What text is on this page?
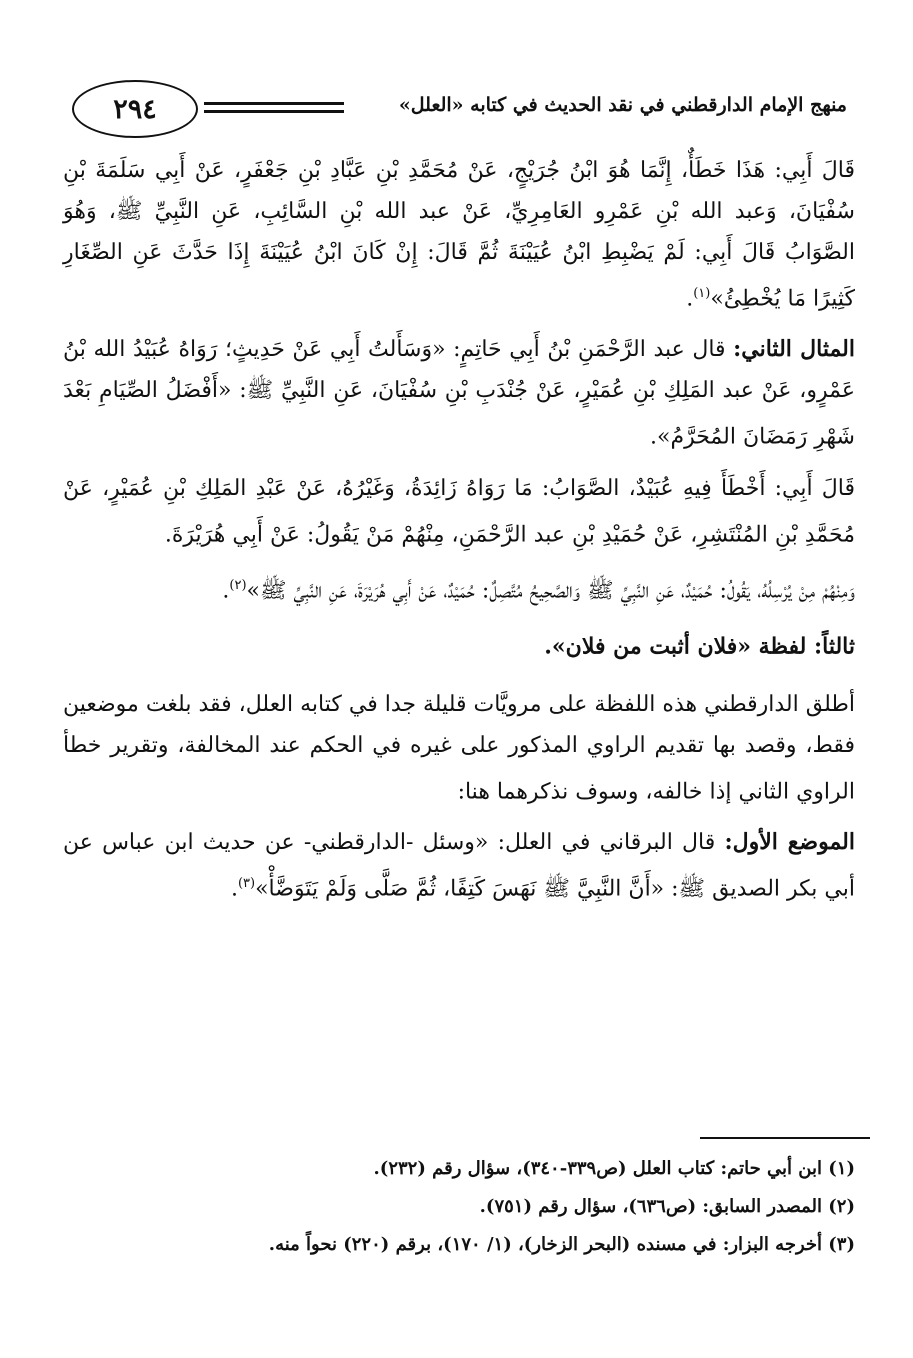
٢٩٤	منهج الإمام الدارقطني في نقد الحديث في كتابه «العلل»

قَالَ أَبِي: هَذَا خَطَأٌ، إِنَّمَا هُوَ ابْنُ جُرَيْجٍ، عَنْ مُحَمَّدِ بْنِ عَبَّادِ بْنِ جَعْفَرٍ، عَنْ أَبِي سَلَمَةَ بْنِ سُفْيَانَ، وَعبد الله بْنِ عَمْرِو العَامِرِيِّ، عَنْ عبد الله بْنِ السَّائِبِ، عَنِ النَّبِيِّ ﷺ، وَهُوَ الصَّوَابُ قَالَ أَبِي: لَمْ يَضْبِطِ ابْنُ عُيَيْنَةَ ثُمَّ قَالَ: إِنْ كَانَ ابْنُ عُيَيْنَةَ إِذَا حَدَّثَ عَنِ الصِّغَارِ كَثِيرًا مَا يُخْطِئُ»$^{(١)}$.

المثال الثاني: قال عبد الرَّحْمَنِ بْنُ أَبِي حَاتِمٍ: «وَسَأَلتُ أَبِي عَنْ حَدِيثٍ؛ رَوَاهُ عُبَيْدُ الله بْنُ عَمْرٍو، عَنْ عبد المَلِكِ بْنِ عُمَيْرٍ، عَنْ جُنْدَبِ بْنِ سُفْيَانَ، عَنِ النَّبِيِّ ﷺ: «أَفْضَلُ الصِّيَامِ بَعْدَ شَهْرِ رَمَضَانَ المُحَرَّمُ».

قَالَ أَبِي: أَخْطَأَ فِيهِ عُبَيْدٌ، الصَّوَابُ: مَا رَوَاهُ زَائِدَةُ، وَغَيْرُهُ، عَنْ عَبْدِ المَلِكِ بْنِ عُمَيْرٍ، عَنْ مُحَمَّدِ بْنِ المُنْتَشِرِ، عَنْ حُمَيْدِ بْنِ عبد الرَّحْمَنِ، مِنْهُمْ مَنْ يَقُولُ: عَنْ أَبِي هُرَيْرَةَ.

وَمِنْهُمْ مِنْ يُرْسِلُهُ، يَقُولُ: حُمَيْدٌ، عَنِ النَّبِيِّ ﷺ وَالصَّحِيحُ مُتَّصِلٌ: حُمَيْدٌ، عَنْ أَبِي هُرَيْرَةَ، عَنِ النَّبِيِّ ﷺ»$^{(٢)}$.

ثالثاً: لفظة «فلان أثبت من فلان».

أطلق الدارقطني هذه اللفظة على مرويَّات قليلة جدا في كتابه العلل، فقد بلغت موضعين فقط، وقصد بها تقديم الراوي المذكور على غيره في الحكم عند المخالفة، وتقرير خطأ الراوي الثاني إذا خالفه، وسوف نذكرهما هنا:

الموضع الأول: قال البرقاني في العلل: «وسئل -الدارقطني- عن حديث ابن عباس عن أبي بكر الصديق ﷺ: «أَنَّ النَّبِيَّ ﷺ نَهَسَ كَتِفًا، ثُمَّ صَلَّى وَلَمْ يَتَوَضَّأْ»$^{(٣)}$.

(١) ابن أبي حاتم: كتاب العلل (ص٣٣٩-٣٤٠)، سؤال رقم (٢٣٢).

(٢) المصدر السابق: (ص٦٣٦)، سؤال رقم (٧٥١).

(٣) أخرجه البزار: في مسنده (البحر الزخار)، (١/ ١٧٠)، برقم (٢٢٠) نحواً منه.
